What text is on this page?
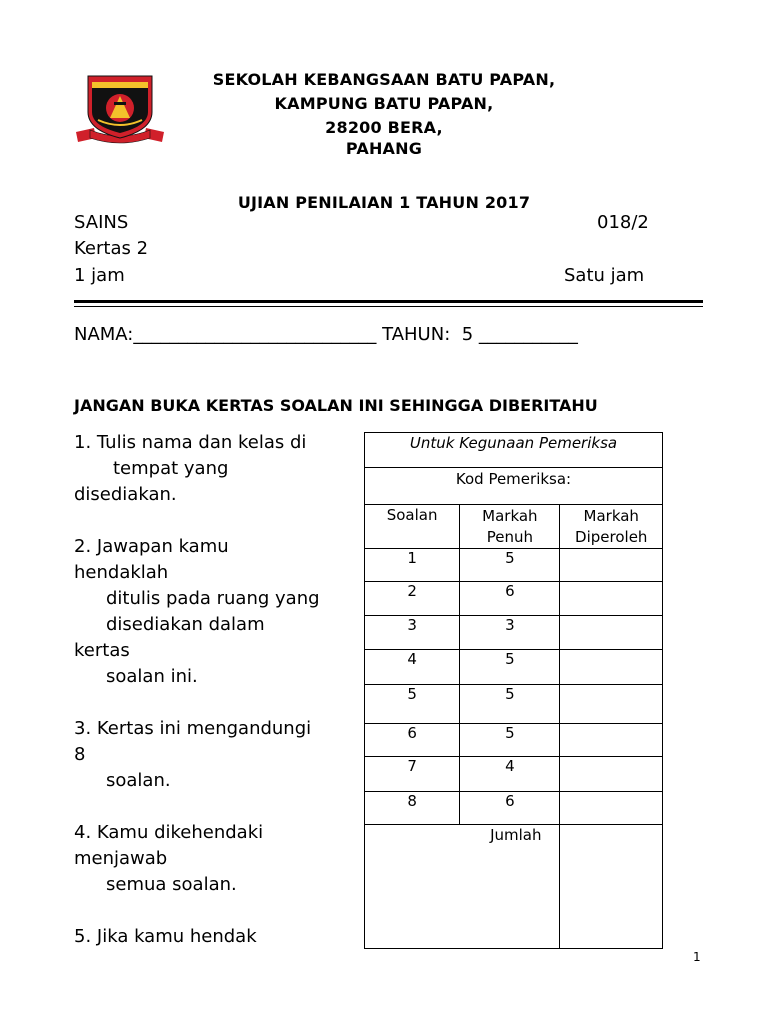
SEKOLAH KEBANGSAAN BATU PAPAN,
KAMPUNG BATU PAPAN,
28200 BERA,
PAHANG
UJIAN PENILAIAN 1 TAHUN 2017
SAINS	018/2
Kertas 2
1 jam	Satu jam
NAMA:___________________________ TAHUN: 5 ___________
JANGAN BUKA KERTAS SOALAN INI SEHINGGA DIBERITAHU
1. Tulis nama dan kelas di
tempat yang
disediakan.
2. Jawapan kamu
hendaklah
ditulis pada ruang yang
disediakan dalam
kertas
soalan ini.
3. Kertas ini mengandungi
8
soalan.
4. Kamu dikehendaki
menjawab
semua soalan.
5. Jika kamu hendak
Untuk Kegunaan Pemeriksa		
Kod Pemeriksa:		
Soalan	Markah Penuh	Markah Diperoleh
1	5	
2	6	
3	3	
4	5	
5	5	
6	5	
7	4	
8	6	
Jumlah		
1
